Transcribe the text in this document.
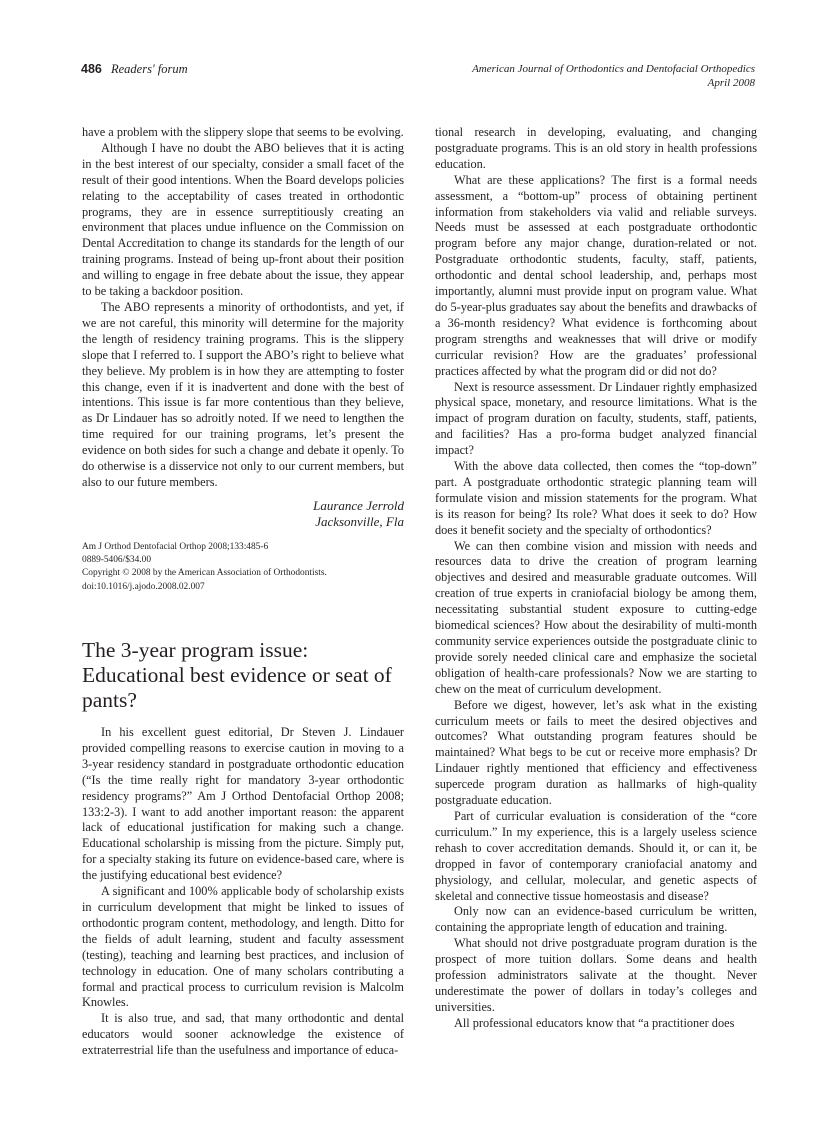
486 Readers' forum	American Journal of Orthodontics and Dentofacial Orthopedics
April 2008

have a problem with the slippery slope that seems to be evolving.

Although I have no doubt the ABO believes that it is acting in the best interest of our specialty, consider a small facet of the result of their good intentions. When the Board develops policies relating to the acceptability of cases treated in orthodontic programs, they are in essence surreptitiously creating an environment that places undue influence on the Commission on Dental Accreditation to change its standards for the length of our training programs. Instead of being up-front about their position and willing to engage in free debate about the issue, they appear to be taking a backdoor position.

The ABO represents a minority of orthodontists, and yet, if we are not careful, this minority will determine for the majority the length of residency training programs. This is the slippery slope that I referred to. I support the ABO’s right to believe what they believe. My problem is in how they are attempting to foster this change, even if it is inadvertent and done with the best of intentions. This issue is far more contentious than they believe, as Dr Lindauer has so adroitly noted. If we need to lengthen the time required for our training programs, let’s present the evidence on both sides for such a change and debate it openly. To do otherwise is a disservice not only to our current members, but also to our future members.

Laurance Jerrold
Jacksonville, Fla
Am J Orthod Dentofacial Orthop 2008;133:485-6
0889-5406/$34.00
Copyright © 2008 by the American Association of Orthodontists.
doi:10.1016/j.ajodo.2008.02.007
The 3-year program issue: Educational best evidence or seat of pants?

In his excellent guest editorial, Dr Steven J. Lindauer provided compelling reasons to exercise caution in moving to a 3-year residency standard in postgraduate orthodontic education (“Is the time really right for mandatory 3-year orthodontic residency programs?” Am J Orthod Dentofacial Orthop 2008; 133:2-3). I want to add another important reason: the apparent lack of educational justification for making such a change. Educational scholarship is missing from the picture. Simply put, for a specialty staking its future on evidence-based care, where is the justifying educational best evidence?

A significant and 100% applicable body of scholarship exists in curriculum development that might be linked to issues of orthodontic program content, methodology, and length. Ditto for the fields of adult learning, student and faculty assessment (testing), teaching and learning best practices, and inclusion of technology in education. One of many scholars contributing a formal and practical process to curriculum revision is Malcolm Knowles.

It is also true, and sad, that many orthodontic and dental educators would sooner acknowledge the existence of extraterrestrial life than the usefulness and importance of educa-

tional research in developing, evaluating, and changing postgraduate programs. This is an old story in health professions education.

What are these applications? The first is a formal needs assessment, a “bottom-up” process of obtaining pertinent information from stakeholders via valid and reliable surveys. Needs must be assessed at each postgraduate orthodontic program before any major change, duration-related or not. Postgraduate orthodontic students, faculty, staff, patients, orthodontic and dental school leadership, and, perhaps most importantly, alumni must provide input on program value. What do 5-year-plus graduates say about the benefits and drawbacks of a 36-month residency? What evidence is forthcoming about program strengths and weaknesses that will drive or modify curricular revision? How are the graduates’ professional practices affected by what the program did or did not do?

Next is resource assessment. Dr Lindauer rightly emphasized physical space, monetary, and resource limitations. What is the impact of program duration on faculty, students, staff, patients, and facilities? Has a pro-forma budget analyzed financial impact?

With the above data collected, then comes the “top-down” part. A postgraduate orthodontic strategic planning team will formulate vision and mission statements for the program. What is its reason for being? Its role? What does it seek to do? How does it benefit society and the specialty of orthodontics?

We can then combine vision and mission with needs and resources data to drive the creation of program learning objectives and desired and measurable graduate outcomes. Will creation of true experts in craniofacial biology be among them, necessitating substantial student exposure to cutting-edge biomedical sciences? How about the desirability of multi-month community service experiences outside the postgraduate clinic to provide sorely needed clinical care and emphasize the societal obligation of health-care professionals? Now we are starting to chew on the meat of curriculum development.

Before we digest, however, let’s ask what in the existing curriculum meets or fails to meet the desired objectives and outcomes? What outstanding program features should be maintained? What begs to be cut or receive more emphasis? Dr Lindauer rightly mentioned that efficiency and effectiveness supercede program duration as hallmarks of high-quality postgraduate education.

Part of curricular evaluation is consideration of the “core curriculum.” In my experience, this is a largely useless science rehash to cover accreditation demands. Should it, or can it, be dropped in favor of contemporary craniofacial anatomy and physiology, and cellular, molecular, and genetic aspects of skeletal and connective tissue homeostasis and disease?

Only now can an evidence-based curriculum be written, containing the appropriate length of education and training.

What should not drive postgraduate program duration is the prospect of more tuition dollars. Some deans and health profession administrators salivate at the thought. Never underestimate the power of dollars in today’s colleges and universities.

All professional educators know that “a practitioner does
